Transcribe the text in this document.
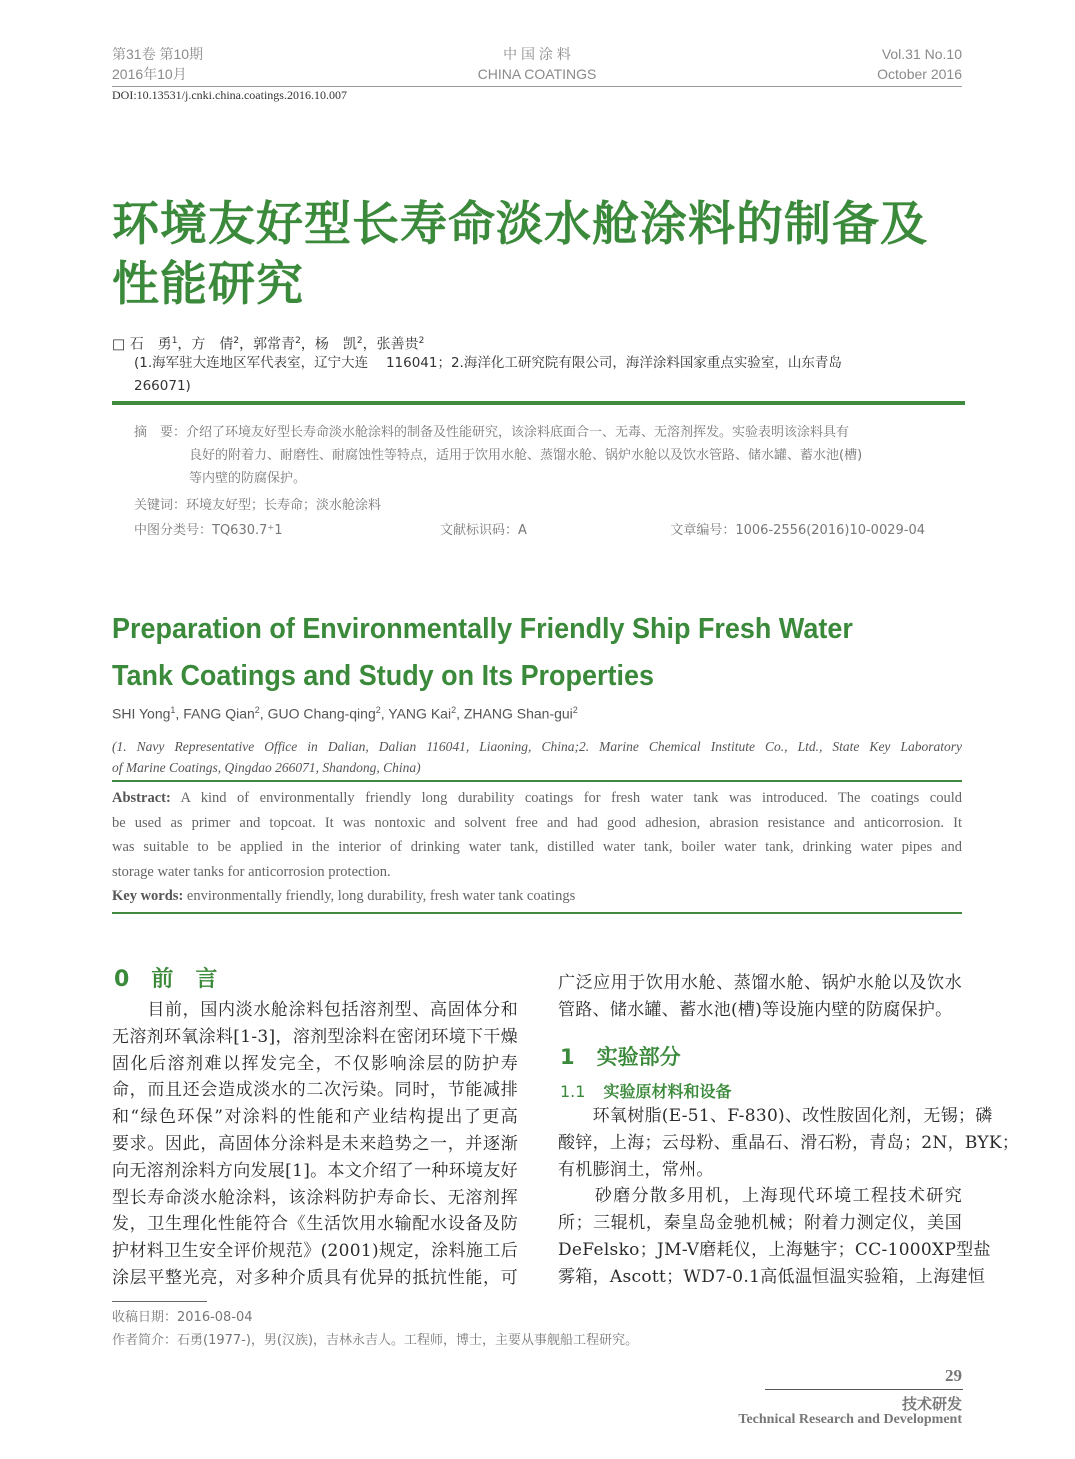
第31卷 第10期
2016年10月
中 国 涂 料
CHINA COATINGS
Vol.31 No.10
October 2016
DOI:10.13531/j.cnki.china.coatings.2016.10.007
环境友好型长寿命淡水舱涂料的制备及
性能研究
□ 石　勇$^1$，方　倩$^2$，郭常青$^2$，杨　凯$^2$，张善贵$^2$
(1.海军驻大连地区军代表室，辽宁大连　 116041；2.海洋化工研究院有限公司，海洋涂料国家重点实验室，山东青岛
266071)
摘　要：介绍了环境友好型长寿命淡水舱涂料的制备及性能研究，该涂料底面合一、无毒、无溶剂挥发。实验表明该涂料具有
良好的附着力、耐磨性、耐腐蚀性等特点，适用于饮用水舱、蒸馏水舱、锅炉水舱以及饮水管路、储水罐、蓄水池(槽)
等内壁的防腐保护。
关键词：环境友好型；长寿命；淡水舱涂料
中图分类号：TQ630.7⁺1	文献标识码：A	文章编号：1006-2556(2016)10-0029-04
Preparation of Environmentally Friendly Ship Fresh Water
Tank Coatings and Study on Its Properties
SHI Yong$^1$, FANG Qian$^2$, GUO Chang-qing$^2$, YANG Kai$^2$, ZHANG Shan-gui$^2$
(1. Navy Representative Office in Dalian, Dalian 116041, Liaoning, China;2. Marine Chemical Institute Co., Ltd., State Key Laboratory
of Marine Coatings, Qingdao 266071, Shandong, China)
Abstract: A kind of environmentally friendly long durability coatings for fresh water tank was introduced. The coatings could
be used as primer and topcoat. It was nontoxic and solvent free and had good adhesion, abrasion resistance and anticorrosion. It
was suitable to be applied in the interior of drinking water tank, distilled water tank, boiler water tank, drinking water pipes and
storage water tanks for anticorrosion protection.
Key words: environmentally friendly, long durability, fresh water tank coatings
0 前　言
　　目前，国内淡水舱涂料包括溶剂型、高固体分和
无溶剂环氧涂料[1-3]，溶剂型涂料在密闭环境下干燥
固化后溶剂难以挥发完全，不仅影响涂层的防护寿
命，而且还会造成淡水的二次污染。同时，节能减排
和“绿色环保”对涂料的性能和产业结构提出了更高
要求。因此，高固体分涂料是未来趋势之一，并逐渐
向无溶剂涂料方向发展[1]。本文介绍了一种环境友好
型长寿命淡水舱涂料，该涂料防护寿命长、无溶剂挥
发，卫生理化性能符合《生活饮用水输配水设备及防
护材料卫生安全评价规范》(2001)规定，涂料施工后
涂层平整光亮，对多种介质具有优异的抵抗性能，可
广泛应用于饮用水舱、蒸馏水舱、锅炉水舱以及饮水
管路、储水罐、蓄水池(槽)等设施内壁的防腐保护。
1 实验部分
1.1 实验原材料和设备
　　环氧树脂(E-51、F-830)、改性胺固化剂，无锡；磷
酸锌，上海；云母粉、重晶石、滑石粉，青岛；2N，BYK；
有机膨润土，常州。
　　砂磨分散多用机，上海现代环境工程技术研究
所；三辊机，秦皇岛金驰机械；附着力测定仪，美国
DeFelsko；JM-V磨耗仪，上海魅宇；CC-1000XP型盐
雾箱，Ascott；WD7-0.1高低温恒温实验箱，上海建恒
收稿日期：2016-08-04
作者简介：石勇(1977-)，男(汉族)，吉林永吉人。工程师，博士，主要从事舰船工程研究。
29
技术研发
Technical Research and Development
